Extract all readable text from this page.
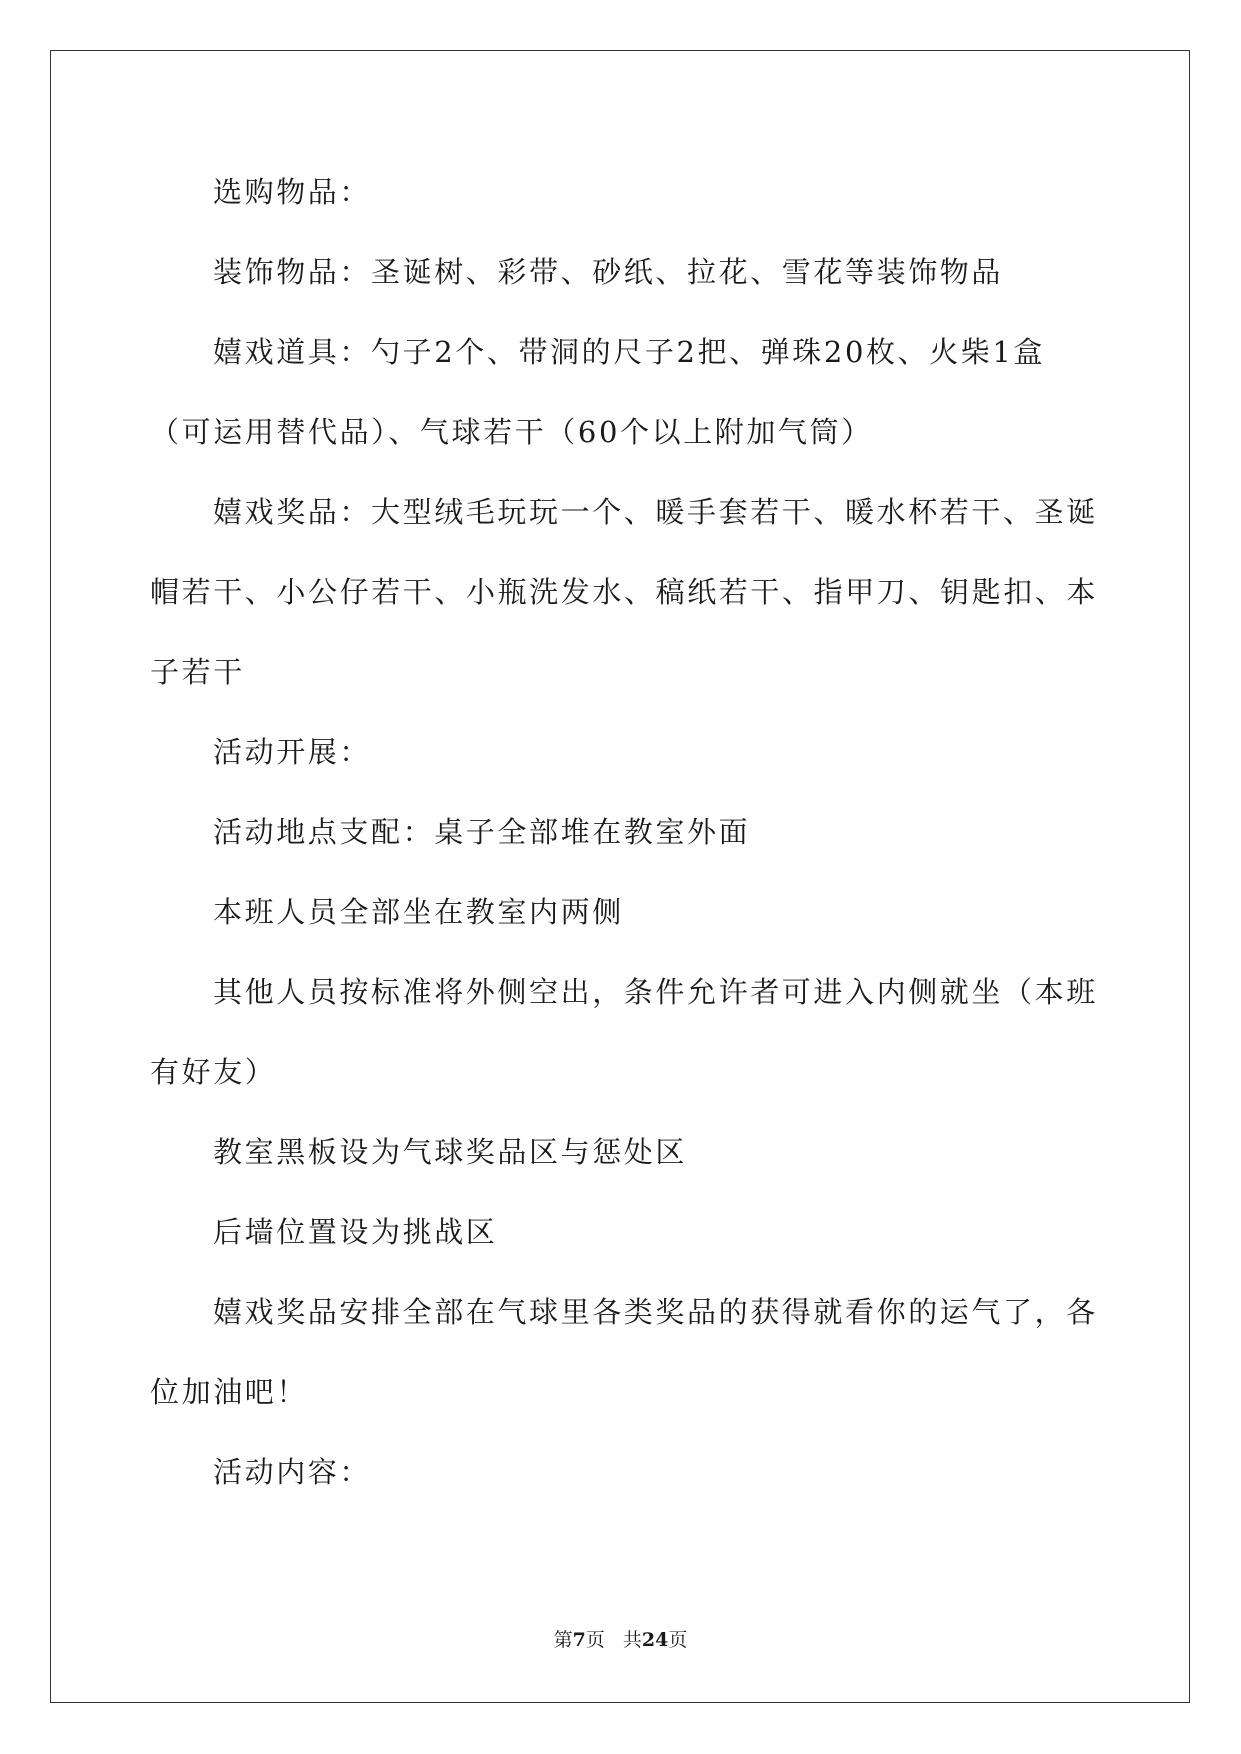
选购物品：
装饰物品：圣诞树、彩带、砂纸、拉花、雪花等装饰物品
嬉戏道具：勺子2个、带洞的尺子2把、弹珠20枚、火柴1盒
（可运用替代品）、气球若干（60个以上附加气筒）
嬉戏奖品：大型绒毛玩玩一个、暖手套若干、暖水杯若干、圣诞
帽若干、小公仔若干、小瓶洗发水、稿纸若干、指甲刀、钥匙扣、本
子若干
活动开展：
活动地点支配：桌子全部堆在教室外面
本班人员全部坐在教室内两侧
其他人员按标准将外侧空出，条件允许者可进入内侧就坐（本班
有好友）
教室黑板设为气球奖品区与惩处区
后墙位置设为挑战区
嬉戏奖品安排全部在气球里各类奖品的获得就看你的运气了，各
位加油吧！
活动内容：
第7页 共24页
